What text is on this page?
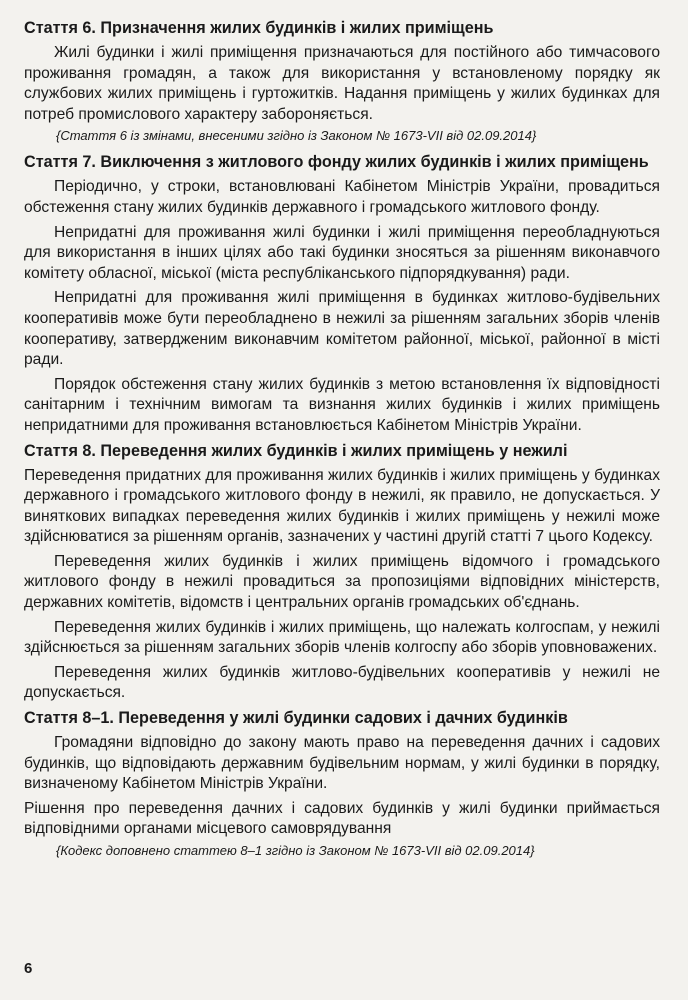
Стаття 6. Призначення жилих будинків і жилих приміщень

Жилі будинки і жилі приміщення призначаються для постійного або тимчасового проживання громадян, а також для використання у встановленому порядку як службових жилих приміщень і гуртожитків. Надання приміщень у жилих будинках для потреб промислового характеру забороняється.

{Стаття 6 із змінами, внесеними згідно із Законом № 1673-VII від 02.09.2014}

Стаття 7. Виключення з житлового фонду жилих будинків і жилих приміщень

Періодично, у строки, встановлювані Кабінетом Міністрів України, провадиться обстеження стану жилих будинків державного і громадського житлового фонду.

Непридатні для проживання жилі будинки і жилі приміщення переобладнуються для використання в інших цілях або такі будинки зносяться за рішенням виконавчого комітету обласної, міської (міста республіканського підпорядкування) ради.

Непридатні для проживання жилі приміщення в будинках житлово-будівельних кооперативів може бути переобладнено в нежилі за рішенням загальних зборів членів кооперативу, затвердженим виконавчим комітетом районної, міської, районної в місті ради.

Порядок обстеження стану жилих будинків з метою встановлення їх відповідності санітарним і технічним вимогам та визнання жилих будинків і жилих приміщень непридатними для проживання встановлюється Кабінетом Міністрів України.

Стаття 8. Переведення жилих будинків і жилих приміщень у нежилі

Переведення придатних для проживання жилих будинків і жилих приміщень у будинках державного і громадського житлового фонду в нежилі, як правило, не допускається. У виняткових випадках переведення жилих будинків і жилих приміщень у нежилі може здійснюватися за рішенням органів, зазначених у частині другій статті 7 цього Кодексу.

Переведення жилих будинків і жилих приміщень відомчого і громадського житлового фонду в нежилі провадиться за пропозиціями відповідних міністерств, державних комітетів, відомств і центральних органів громадських об'єднань.

Переведення жилих будинків і жилих приміщень, що належать колгоспам, у нежилі здійснюється за рішенням загальних зборів членів колгоспу або зборів уповноважених.

Переведення жилих будинків житлово-будівельних кооперативів у нежилі не допускається.

Стаття 8–1. Переведення у жилі будинки садових і дачних будинків

Громадяни відповідно до закону мають право на переведення дачних і садових будинків, що відповідають державним будівельним нормам, у жилі будинки в порядку, визначеному Кабінетом Міністрів України.

Рішення про переведення дачних і садових будинків у жилі будинки приймається відповідними органами місцевого самоврядування

{Кодекс доповнено статтею 8–1 згідно із Законом № 1673-VII від 02.09.2014}

6
